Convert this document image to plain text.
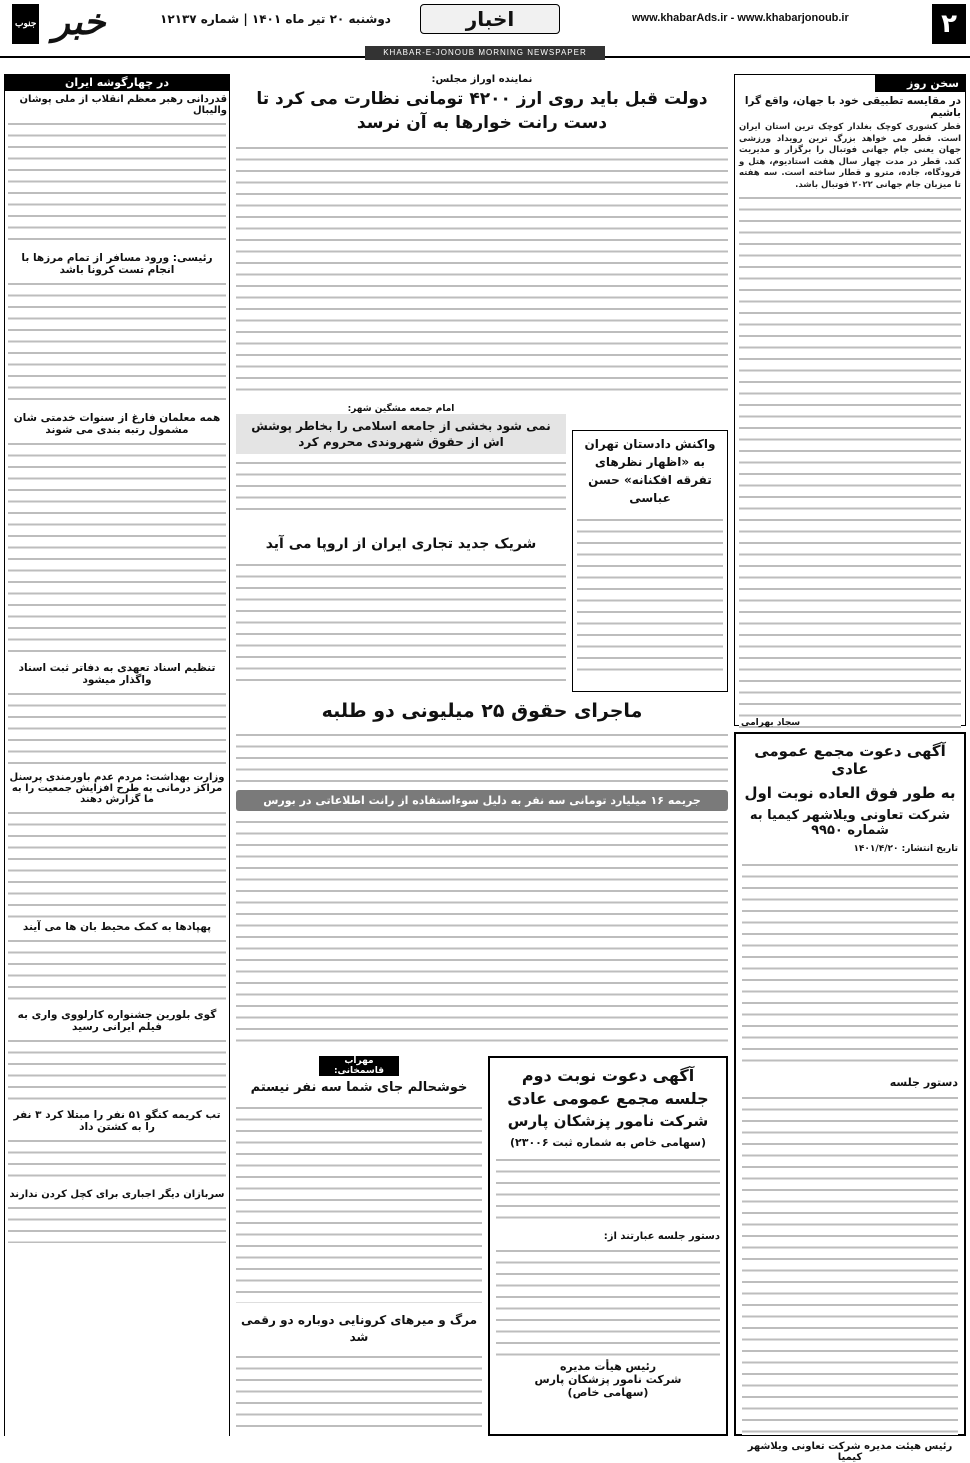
۲
www.khabarAds.ir - www.khabarjonoub.ir
اخبار
دوشنبه ۲۰ تیر ماه ۱۴۰۱ | شماره ۱۲۱۳۷
خبر
جنوب
KHABAR-E-JONOUB MORNING NEWSPAPER
سخن روز
در مقایسه تطبیقی خود با جهان، واقع گرا باشیم
قطر کشوری کوچک بغلدار کوچک ترین استان ایران است. قطر می خواهد بزرگ ترین رویداد ورزشی جهان یعنی جام جهانی فوتبال را برگزار و مدیریت کند. قطر در مدت چهار سال هفت استادیوم، هتل و فرودگاه، جاده، مترو و قطار ساخته است. سه هفته تا میزبان جام جهانی ۲۰۲۲ فوتبال باشد.
سجاد بهرامی
آگهی دعوت مجمع عمومی عادی
به طور فوق العاده نوبت اول
شرکت تعاونی ویلاشهر کیمیا به شماره ۹۹۵۰
تاریخ انتشار: ۱۴۰۱/۴/۲۰
دستور جلسه
رئیس هیئت مدیره شرکت تعاونی ویلاشهر کیمیا
نماینده اوراز مجلس:
دولت قبل باید روی ارز ۴۲۰۰ تومانی نظارت می کرد تا دست رانت خوارها به آن نرسد
واکنش دادستان تهران به «اظهار نظرهای تفرقه افکنانه» حسن عباسی
امام جمعه مشگین شهر:
نمی شود بخشی از جامعه اسلامی را بخاطر پوشش اش از حقوق شهروندی محروم کرد
شریک جدید تجاری ایران از اروپا می آید
ماجرای حقوق ۲۵ میلیونی دو طلبه
جریمه ۱۶ میلیارد تومانی سه نفر به دلیل سوءاستفاده از رانت اطلاعاتی در بورس
آگهی دعوت نوبت دوم
جلسه مجمع عمومی عادی
شرکت نامور پزشکان پارس
(سهامی خاص به شماره ثبت ۲۳۰۰۶)
دستور جلسه عبارتند از:
رئیس هیأت مدیره
شرکت نامور پزشکان پارس
(سهامی خاص)
مهراب قاسمخانی:
خوشحالم جای شما سه نفر نیستم
مرگ و میرهای کرونایی دوباره دو رقمی شد
در چهارگوشه ایران
قدردانی رهبر معظم انقلاب از ملی پوشان والیبال
رئیسی: ورود مسافر از تمام مرزها با انجام تست کرونا باشد
همه معلمان فارغ از سنوات خدمتی شان مشمول رتبه بندی می شوند
تنظیم اسناد تعهدی به دفاتر ثبت اسناد واگذار میشود
وزارت بهداشت: مردم عدم باورمندی پرسنل مراکز درمانی به طرح افزایش جمعیت را به ما گزارش دهند
پهپادها به کمک محیط بان ها می آیند
گوی بلورین جشنواره کارلووی واری به فیلم ایرانی رسید
تب کریمه کنگو ۵۱ نفر را مبتلا کرد ۳ نفر را به کشتن داد
سربازان دیگر اجباری برای کچل کردن ندارند
